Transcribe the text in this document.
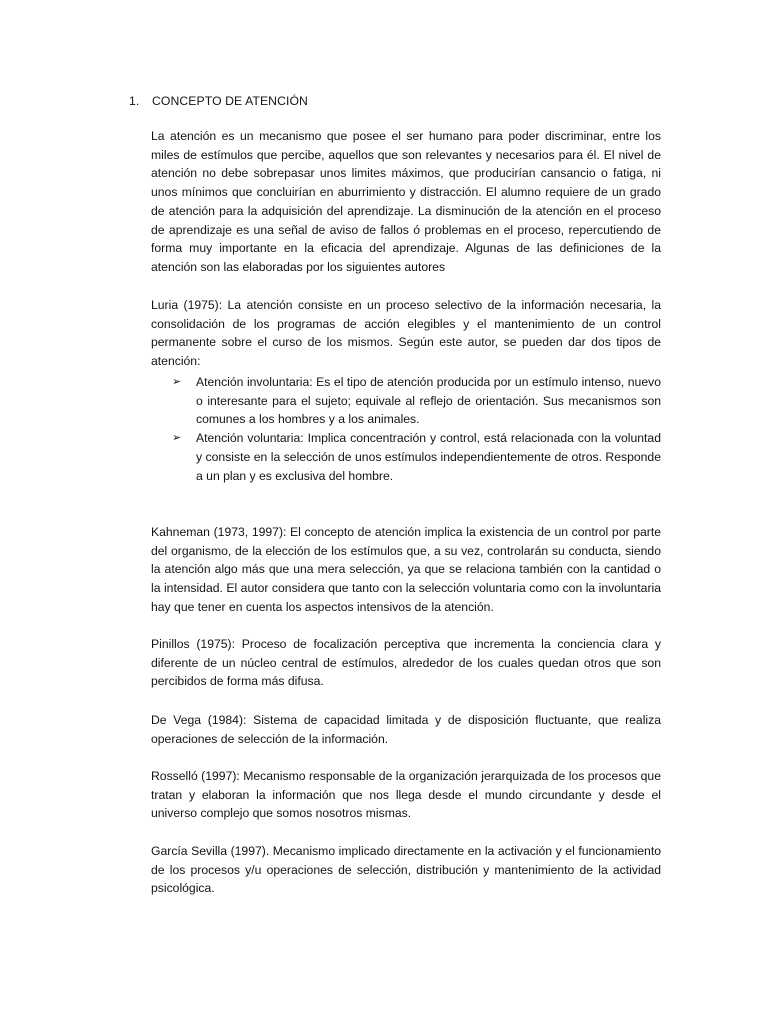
1. CONCEPTO DE ATENCIÓN

La atención es un mecanismo que posee el ser humano para poder discriminar, entre los miles de estímulos que percibe, aquellos que son relevantes y necesarios para él. El nivel de atención no debe sobrepasar unos limites máximos, que producirían cansancio o fatiga, ni unos mínimos que concluirían en aburrimiento y distracción. El alumno requiere de un grado de atención para la adquisición del aprendizaje. La disminución de la atención en el proceso de aprendizaje es una señal de aviso de fallos ó problemas en el proceso, repercutiendo de forma muy importante en la eficacia del aprendizaje. Algunas de las definiciones de la atención son las elaboradas por los siguientes autores

Luria (1975): La atención consiste en un proceso selectivo de la información necesaria, la consolidación de los programas de acción elegibles y el mantenimiento de un control permanente sobre el curso de los mismos. Según este autor, se pueden dar dos tipos de atención:

➢ Atención involuntaria: Es el tipo de atención producida por un estímulo intenso, nuevo o interesante para el sujeto; equivale al reflejo de orientación. Sus mecanismos son comunes a los hombres y a los animales.
➢ Atención voluntaria: Implica concentración y control, está relacionada con la voluntad y consiste en la selección de unos estímulos independientemente de otros. Responde a un plan y es exclusiva del hombre.

Kahneman (1973, 1997): El concepto de atención implica la existencia de un control por parte del organismo, de la elección de los estímulos que, a su vez, controlarán su conducta, siendo la atención algo más que una mera selección, ya que se relaciona también con la cantidad o la intensidad. El autor considera que tanto con la selección voluntaria como con la involuntaria hay que tener en cuenta los aspectos intensivos de la atención.

Pinillos (1975): Proceso de focalización perceptiva que incrementa la conciencia clara y diferente de un núcleo central de estímulos, alrededor de los cuales quedan otros que son percibidos de forma más difusa.

De Vega (1984): Sistema de capacidad limitada y de disposición fluctuante, que realiza operaciones de selección de la información.

Rosselló (1997): Mecanismo responsable de la organización jerarquizada de los procesos que tratan y elaboran la información que nos llega desde el mundo circundante y desde el universo complejo que somos nosotros mismas.

García Sevilla (1997). Mecanismo implicado directamente en la activación y el funcionamiento de los procesos y/u operaciones de selección, distribución y mantenimiento de la actividad psicológica.
